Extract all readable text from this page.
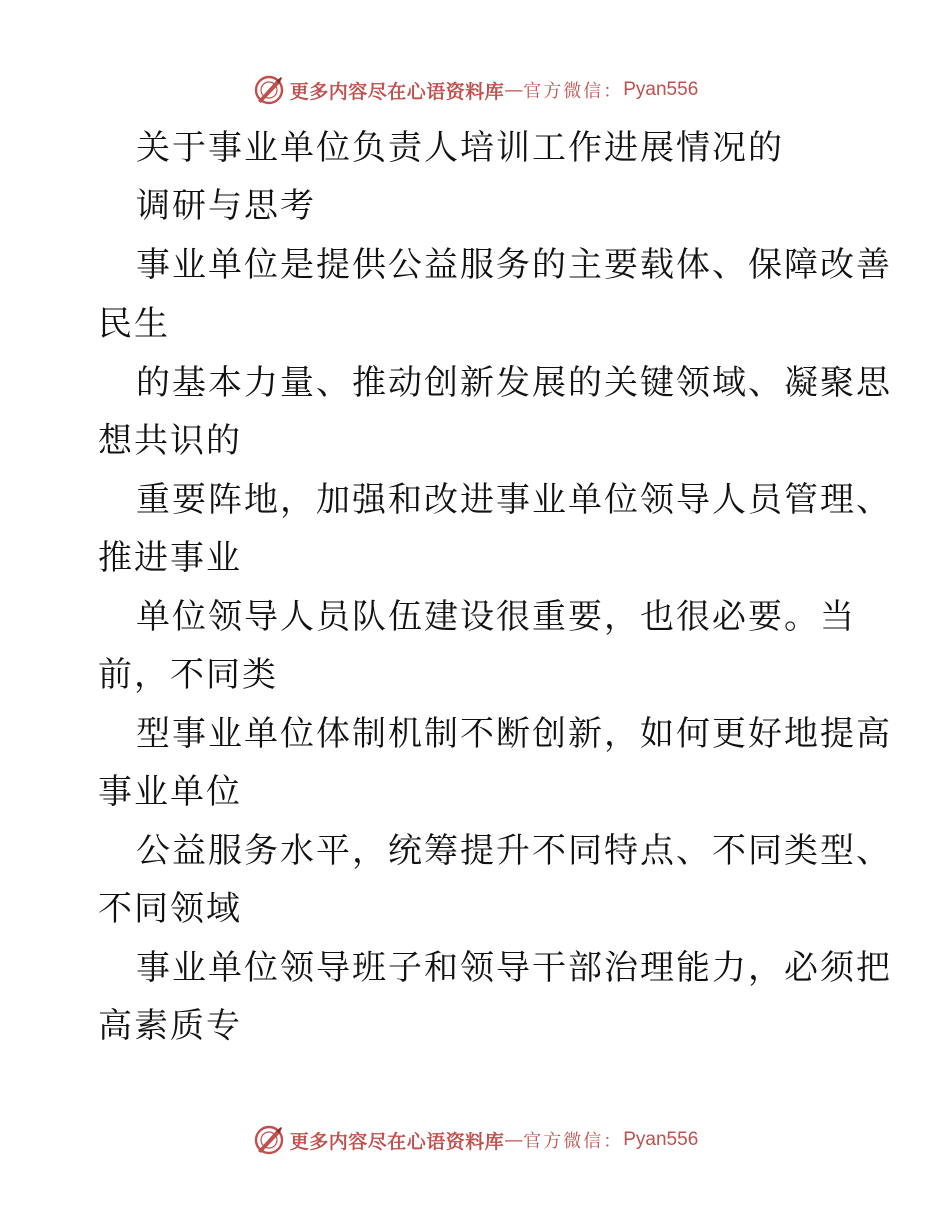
更多内容尽在心语资料库 — 官方微信： Pyan556
关于事业单位负责人培训工作进展情况的
调研与思考
事业单位是提供公益服务的主要载体、保障改善
民生
的基本力量、推动创新发展的关键领域、凝聚思
想共识的
重要阵地，加强和改进事业单位领导人员管理、
推进事业
单位领导人员队伍建设很重要，也很必要。当
前，不同类
型事业单位体制机制不断创新，如何更好地提高
事业单位
公益服务水平，统筹提升不同特点、不同类型、
不同领域
事业单位领导班子和领导干部治理能力，必须把
高素质专
更多内容尽在心语资料库 — 官方微信： Pyan556
